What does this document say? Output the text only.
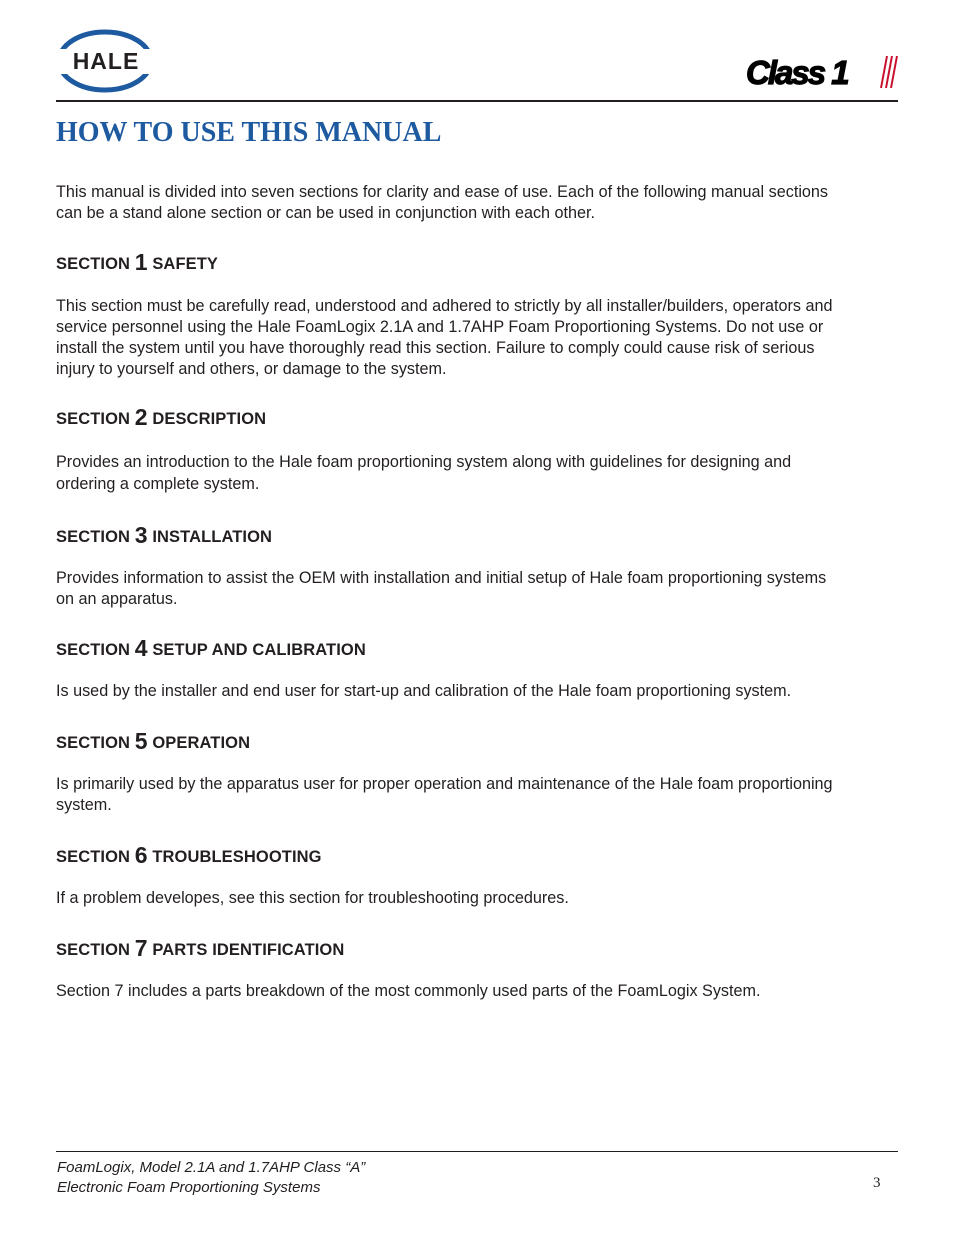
HALE	Class 1
HOW TO USE THIS MANUAL
This manual is divided into seven sections for clarity and ease of use. Each of the following manual sections
can be a stand alone section or can be used in conjunction with each other.
SECTION 1 SAFETY
This section must be carefully read, understood and adhered to strictly by all installer/builders, operators and
service personnel using the Hale FoamLogix 2.1A and 1.7AHP Foam Proportioning Systems. Do not use or
install the system until you have thoroughly read this section. Failure to comply could cause risk of serious
injury to yourself and others, or damage to the system.
SECTION 2 DESCRIPTION
Provides an introduction to the Hale foam proportioning system along with guidelines for designing and
ordering a complete system.
SECTION 3 INSTALLATION
Provides information to assist the OEM with installation and initial setup of Hale foam proportioning systems
on an apparatus.
SECTION 4 SETUP AND CALIBRATION
Is used by the installer and end user for start-up and calibration of the Hale foam proportioning system.
SECTION 5 OPERATION
Is primarily used by the apparatus user for proper operation and maintenance of the Hale foam proportioning
system.
SECTION 6 TROUBLESHOOTING
If a problem developes, see this section for troubleshooting procedures.
SECTION 7 PARTS IDENTIFICATION
Section 7 includes a parts breakdown of the most commonly used parts of the FoamLogix System.
FoamLogix, Model 2.1A and 1.7AHP Class “A”
Electronic Foam Proportioning Systems	3
